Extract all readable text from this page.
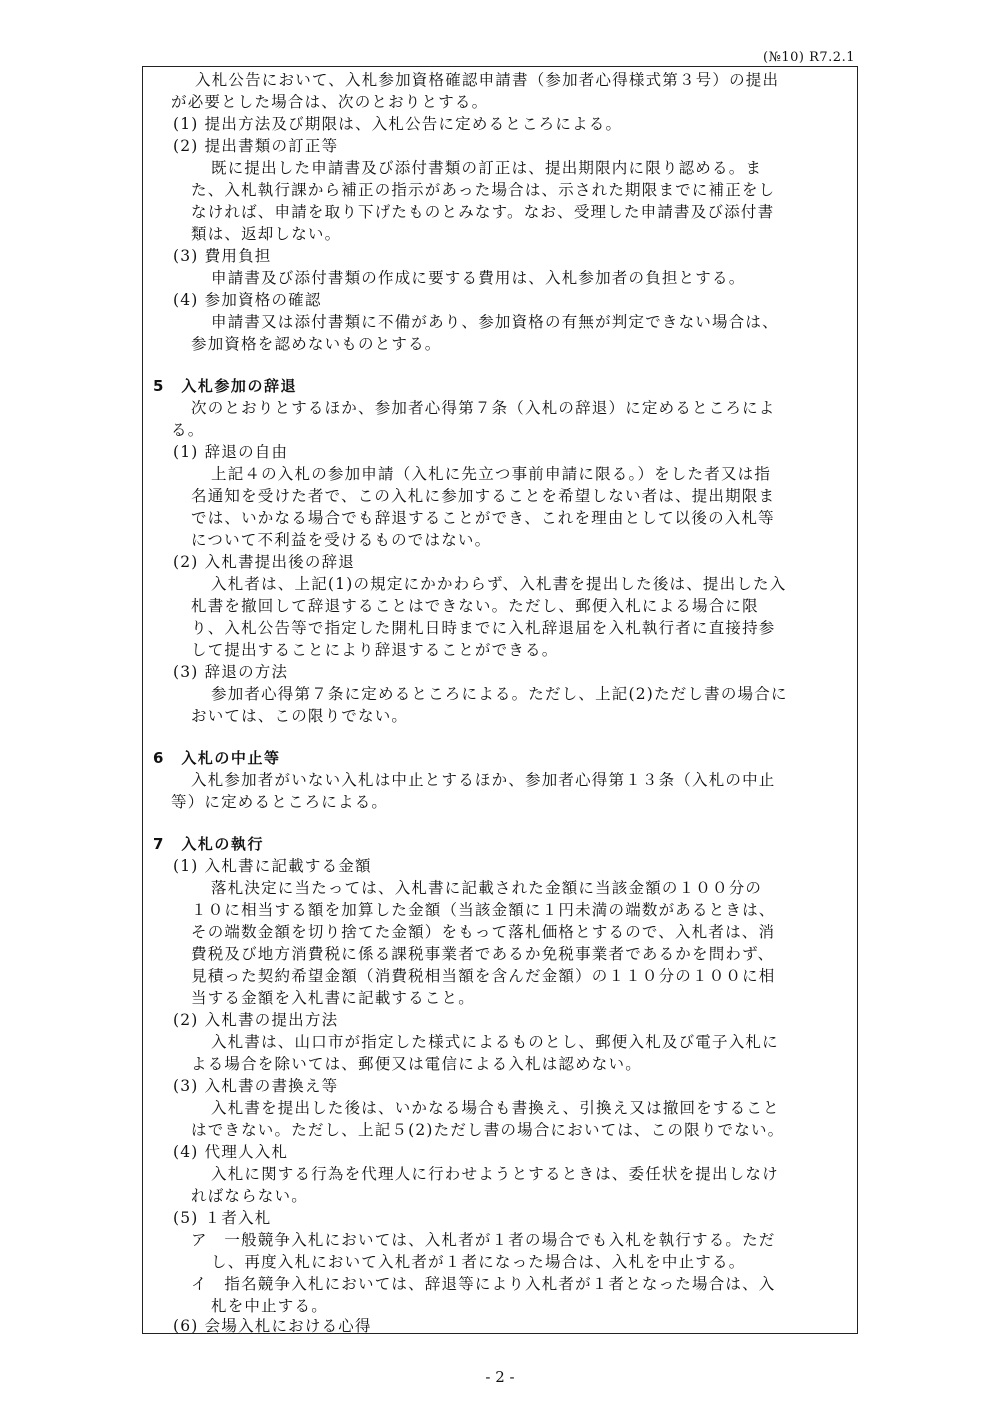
(№10) R7.2.1
入札公告において、入札参加資格確認申請書（参加者心得様式第３号）の提出
が必要とした場合は、次のとおりとする。
(1) 提出方法及び期限は、入札公告に定めるところによる。
(2) 提出書類の訂正等
既に提出した申請書及び添付書類の訂正は、提出期限内に限り認める。ま
た、入札執行課から補正の指示があった場合は、示された期限までに補正をし
なければ、申請を取り下げたものとみなす。なお、受理した申請書及び添付書
類は、返却しない。
(3) 費用負担
申請書及び添付書類の作成に要する費用は、入札参加者の負担とする。
(4) 参加資格の確認
申請書又は添付書類に不備があり、参加資格の有無が判定できない場合は、
参加資格を認めないものとする。
5　入札参加の辞退
次のとおりとするほか、参加者心得第７条（入札の辞退）に定めるところによ
る。
(1) 辞退の自由
上記４の入札の参加申請（入札に先立つ事前申請に限る。）をした者又は指
名通知を受けた者で、この入札に参加することを希望しない者は、提出期限ま
では、いかなる場合でも辞退することができ、これを理由として以後の入札等
について不利益を受けるものではない。
(2) 入札書提出後の辞退
入札者は、上記(1)の規定にかかわらず、入札書を提出した後は、提出した入
札書を撤回して辞退することはできない。ただし、郵便入札による場合に限
り、入札公告等で指定した開札日時までに入札辞退届を入札執行者に直接持参
して提出することにより辞退することができる。
(3) 辞退の方法
参加者心得第７条に定めるところによる。ただし、上記(2)ただし書の場合に
おいては、この限りでない。
6　入札の中止等
入札参加者がいない入札は中止とするほか、参加者心得第１３条（入札の中止
等）に定めるところによる。
7　入札の執行
(1) 入札書に記載する金額
落札決定に当たっては、入札書に記載された金額に当該金額の１００分の
１０に相当する額を加算した金額（当該金額に１円未満の端数があるときは、
その端数金額を切り捨てた金額）をもって落札価格とするので、入札者は、消
費税及び地方消費税に係る課税事業者であるか免税事業者であるかを問わず、
見積った契約希望金額（消費税相当額を含んだ金額）の１１０分の１００に相
当する金額を入札書に記載すること。
(2) 入札書の提出方法
入札書は、山口市が指定した様式によるものとし、郵便入札及び電子入札に
よる場合を除いては、郵便又は電信による入札は認めない。
(3) 入札書の書換え等
入札書を提出した後は、いかなる場合も書換え、引換え又は撤回をすること
はできない。ただし、上記５(2)ただし書の場合においては、この限りでない。
(4) 代理人入札
入札に関する行為を代理人に行わせようとするときは、委任状を提出しなけ
ればならない。
(5) １者入札
ア　一般競争入札においては、入札者が１者の場合でも入札を執行する。ただ
し、再度入札において入札者が１者になった場合は、入札を中止する。
イ　指名競争入札においては、辞退等により入札者が１者となった場合は、入
札を中止する。
(6) 会場入札における心得
- 2 -
